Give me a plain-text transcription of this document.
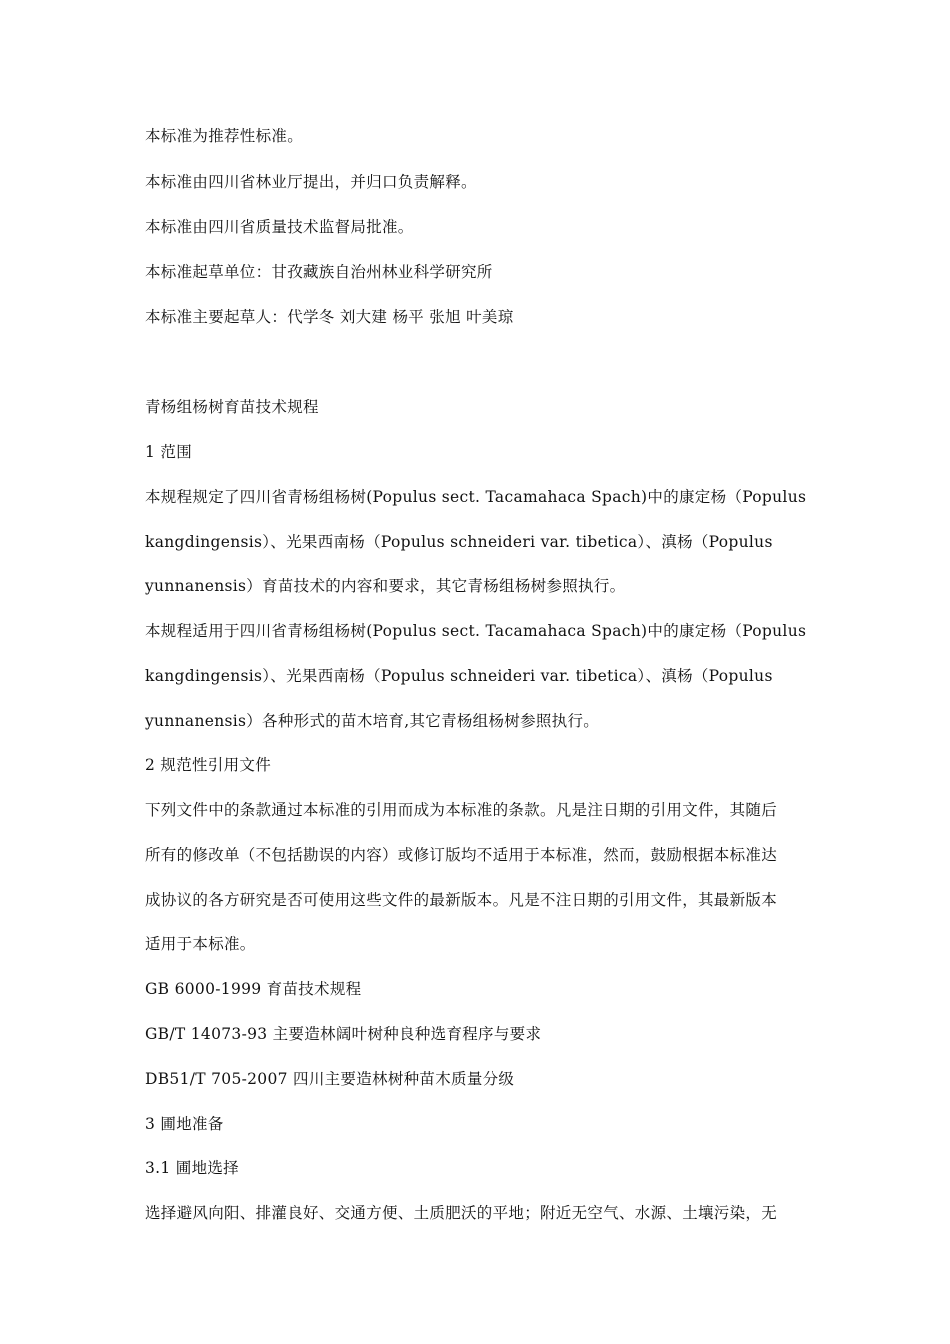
本标准为推荐性标准。
本标准由四川省林业厅提出，并归口负责解释。
本标准由四川省质量技术监督局批准。
本标准起草单位：甘孜藏族自治州林业科学研究所
本标准主要起草人：代学冬 刘大建 杨平 张旭 叶美琼
青杨组杨树育苗技术规程
1 范围
本规程规定了四川省青杨组杨树(Populus sect. Tacamahaca Spach)中的康定杨（Populus
kangdingensis）、光果西南杨（Populus schneideri var. tibetica）、滇杨（Populus
yunnanensis）育苗技术的内容和要求，其它青杨组杨树参照执行。
本规程适用于四川省青杨组杨树(Populus sect. Tacamahaca Spach)中的康定杨（Populus
kangdingensis）、光果西南杨（Populus schneideri var. tibetica）、滇杨（Populus
yunnanensis）各种形式的苗木培育,其它青杨组杨树参照执行。
2 规范性引用文件
下列文件中的条款通过本标准的引用而成为本标准的条款。凡是注日期的引用文件，其随后
所有的修改单（不包括勘误的内容）或修订版均不适用于本标准，然而，鼓励根据本标准达
成协议的各方研究是否可使用这些文件的最新版本。凡是不注日期的引用文件，其最新版本
适用于本标准。
GB 6000-1999 育苗技术规程
GB/T 14073-93 主要造林阔叶树种良种选育程序与要求
DB51/T 705-2007 四川主要造林树种苗木质量分级
3 圃地准备
3.1 圃地选择
选择避风向阳、排灌良好、交通方便、土质肥沃的平地；附近无空气、水源、土壤污染，无
